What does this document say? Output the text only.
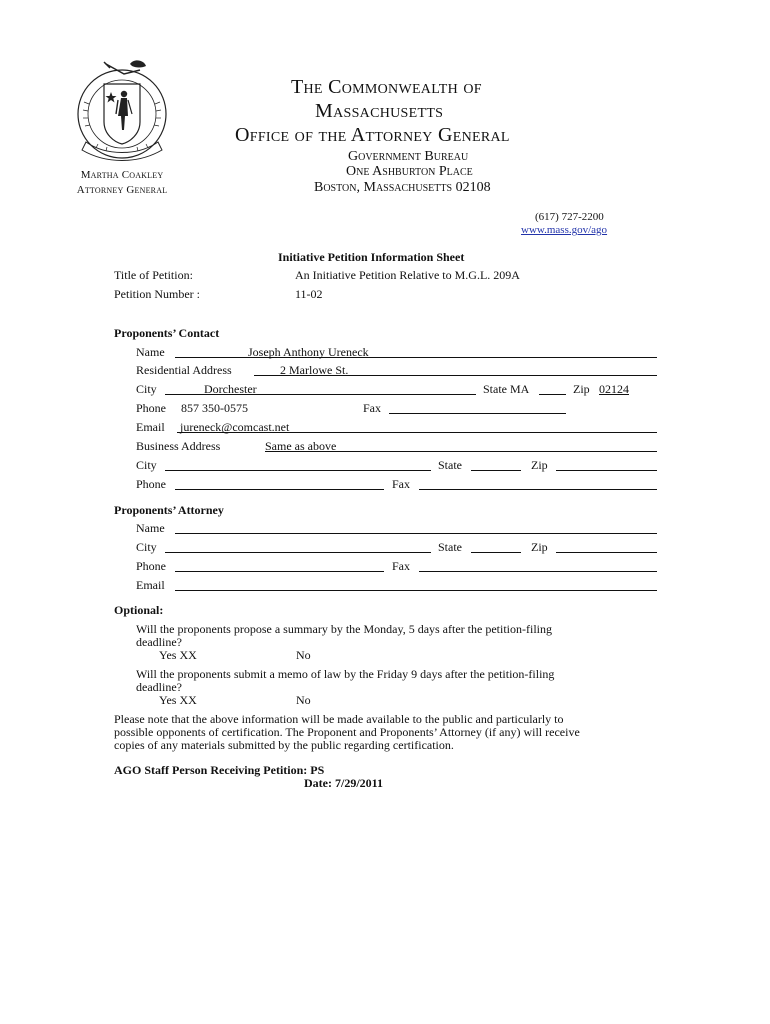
Martha Coakley
Attorney General
The Commonwealth of
Massachusetts
Office of the Attorney General
Government Bureau
One Ashburton Place
Boston, Massachusetts 02108
(617) 727-2200
www.mass.gov/ago
Initiative Petition Information Sheet
Title of Petition:	An Initiative Petition Relative to M.G.L. 209A
Petition Number :	11-02
Proponents’ Contact
Name	Joseph Anthony Ureneck
Residential Address	2 Marlowe St.
City	Dorchester	State MA	Zip 02124
Phone 857 350-0575	Fax
Email jureneck@comcast.net
Business Address	Same as above
City	State	Zip
Phone	Fax
Proponents’ Attorney
Name
City	State	Zip
Phone	Fax
Email
Optional:
Will the proponents propose a summary by the Monday, 5 days after the petition-filing
deadline?
Yes XX	No
Will the proponents submit a memo of law by the Friday 9 days after the petition-filing
deadline?
Yes XX	No
Please note that the above information will be made available to the public and particularly to
possible opponents of certification. The Proponent and Proponents’ Attorney (if any) will receive
copies of any materials submitted by the public regarding certification.
AGO Staff Person Receiving Petition: PS
Date: 7/29/2011
